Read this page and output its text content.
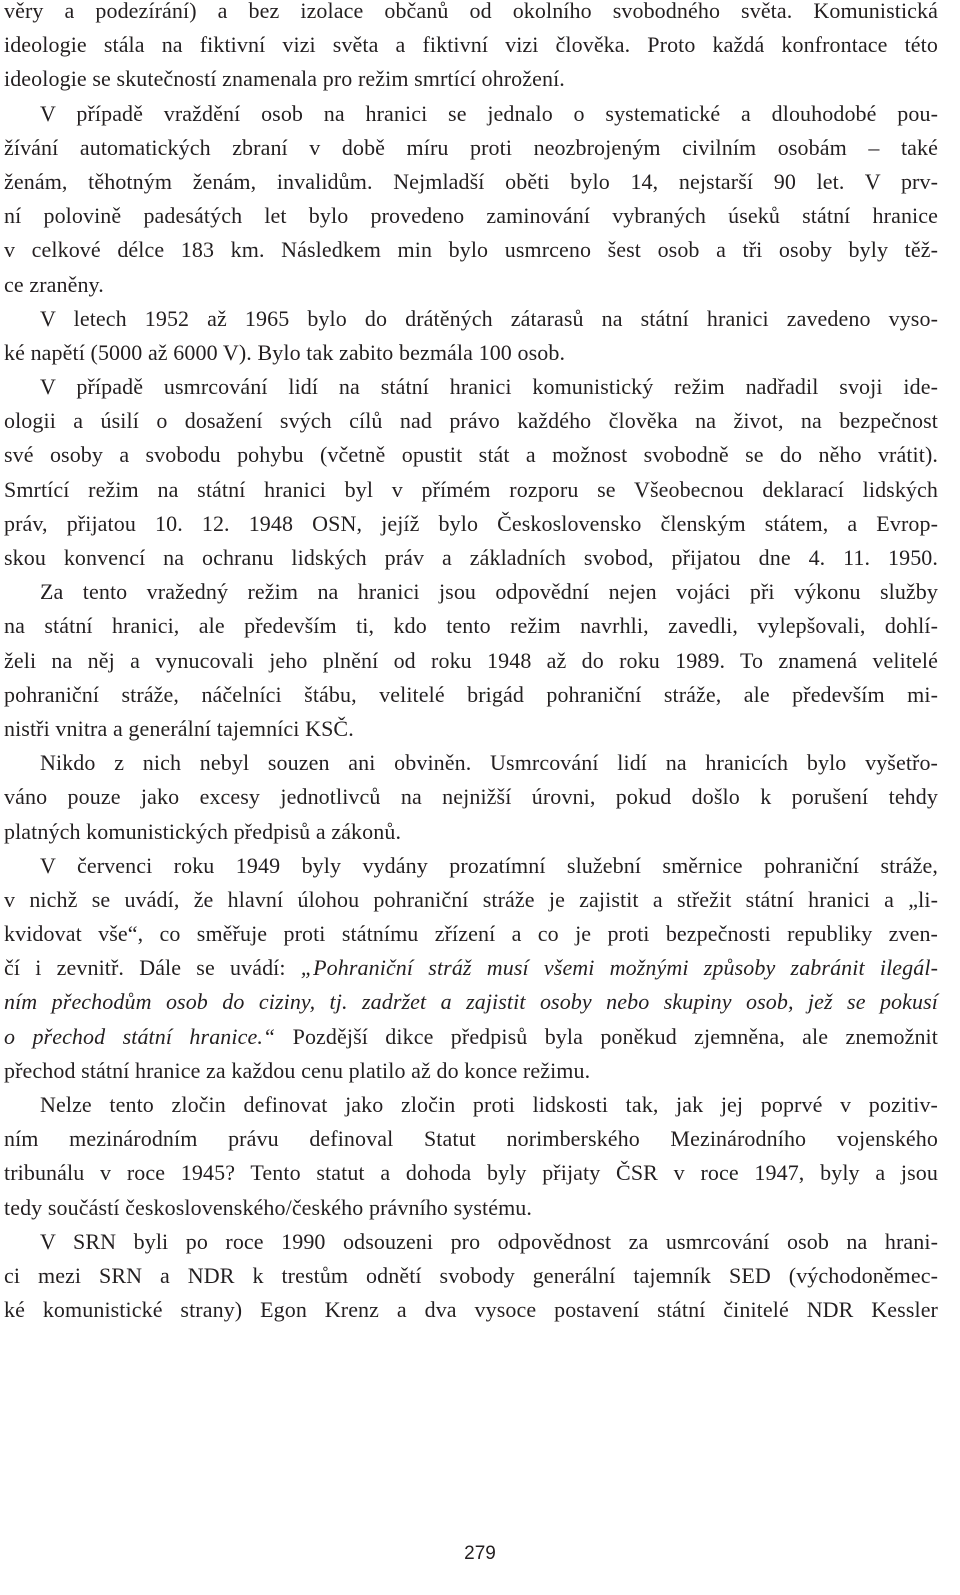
věry a podezírání) a bez izolace občanů od okolního svobodného světa. Komunistická
ideologie stála na fiktivní vizi světa a fiktivní vizi člověka. Proto každá konfrontace této
ideologie se skutečností znamenala pro režim smrtící ohrožení.
V případě vraždění osob na hranici se jednalo o systematické a dlouhodobé pou-
žívání automatických zbraní v době míru proti neozbrojeným civilním osobám – také
ženám, těhotným ženám, invalidům. Nejmladší oběti bylo 14, nejstarší 90 let. V prv-
ní polovině padesátých let bylo provedeno zaminování vybraných úseků státní hranice
v celkové délce 183 km. Následkem min bylo usmrceno šest osob a tři osoby byly těž-
ce zraněny.
V letech 1952 až 1965 bylo do drátěných zátarasů na státní hranici zavedeno vyso-
ké napětí (5000 až 6000 V). Bylo tak zabito bezmála 100 osob.
V případě usmrcování lidí na státní hranici komunistický režim nadřadil svoji ide-
ologii a úsilí o dosažení svých cílů nad právo každého člověka na život, na bezpečnost
své osoby a svobodu pohybu (včetně opustit stát a možnost svobodně se do něho vrátit).
Smrtící režim na státní hranici byl v přímém rozporu se Všeobecnou deklarací lidských
práv, přijatou 10. 12. 1948 OSN, jejíž bylo Československo členským státem, a Evrop-
skou konvencí na ochranu lidských práv a základních svobod, přijatou dne 4. 11. 1950.
Za tento vražedný režim na hranici jsou odpovědní nejen vojáci při výkonu služby
na státní hranici, ale především ti, kdo tento režim navrhli, zavedli, vylepšovali, dohlí-
želi na něj a vynucovali jeho plnění od roku 1948 až do roku 1989. To znamená velitelé
pohraniční stráže, náčelníci štábu, velitelé brigád pohraniční stráže, ale především mi-
nistři vnitra a generální tajemníci KSČ.
Nikdo z nich nebyl souzen ani obviněn. Usmrcování lidí na hranicích bylo vyšetřo-
váno pouze jako excesy jednotlivců na nejnižší úrovni, pokud došlo k porušení tehdy
platných komunistických předpisů a zákonů.
V červenci roku 1949 byly vydány prozatímní služební směrnice pohraniční stráže,
v nichž se uvádí, že hlavní úlohou pohraniční stráže je zajistit a střežit státní hranici a „li-
kvidovat vše“, co směřuje proti státnímu zřízení a co je proti bezpečnosti republiky zven-
čí i zevnitř. Dále se uvádí: „Pohraniční stráž musí všemi možnými způsoby zabránit ilegál-
ním přechodům osob do ciziny, tj. zadržet a zajistit osoby nebo skupiny osob, jež se pokusí
o přechod státní hranice.“ Pozdější dikce předpisů byla poněkud zjemněna, ale znemožnit
přechod státní hranice za každou cenu platilo až do konce režimu.
Nelze tento zločin definovat jako zločin proti lidskosti tak, jak jej poprvé v pozitiv-
ním mezinárodním právu definoval Statut norimberského Mezinárodního vojenského
tribunálu v roce 1945? Tento statut a dohoda byly přijaty ČSR v roce 1947, byly a jsou
tedy součástí československého/českého právního systému.
V SRN byli po roce 1990 odsouzeni pro odpovědnost za usmrcování osob na hrani-
ci mezi SRN a NDR k trestům odnětí svobody generální tajemník SED (východoněmec-
ké komunistické strany) Egon Krenz a dva vysoce postavení státní činitelé NDR Kessler
279
